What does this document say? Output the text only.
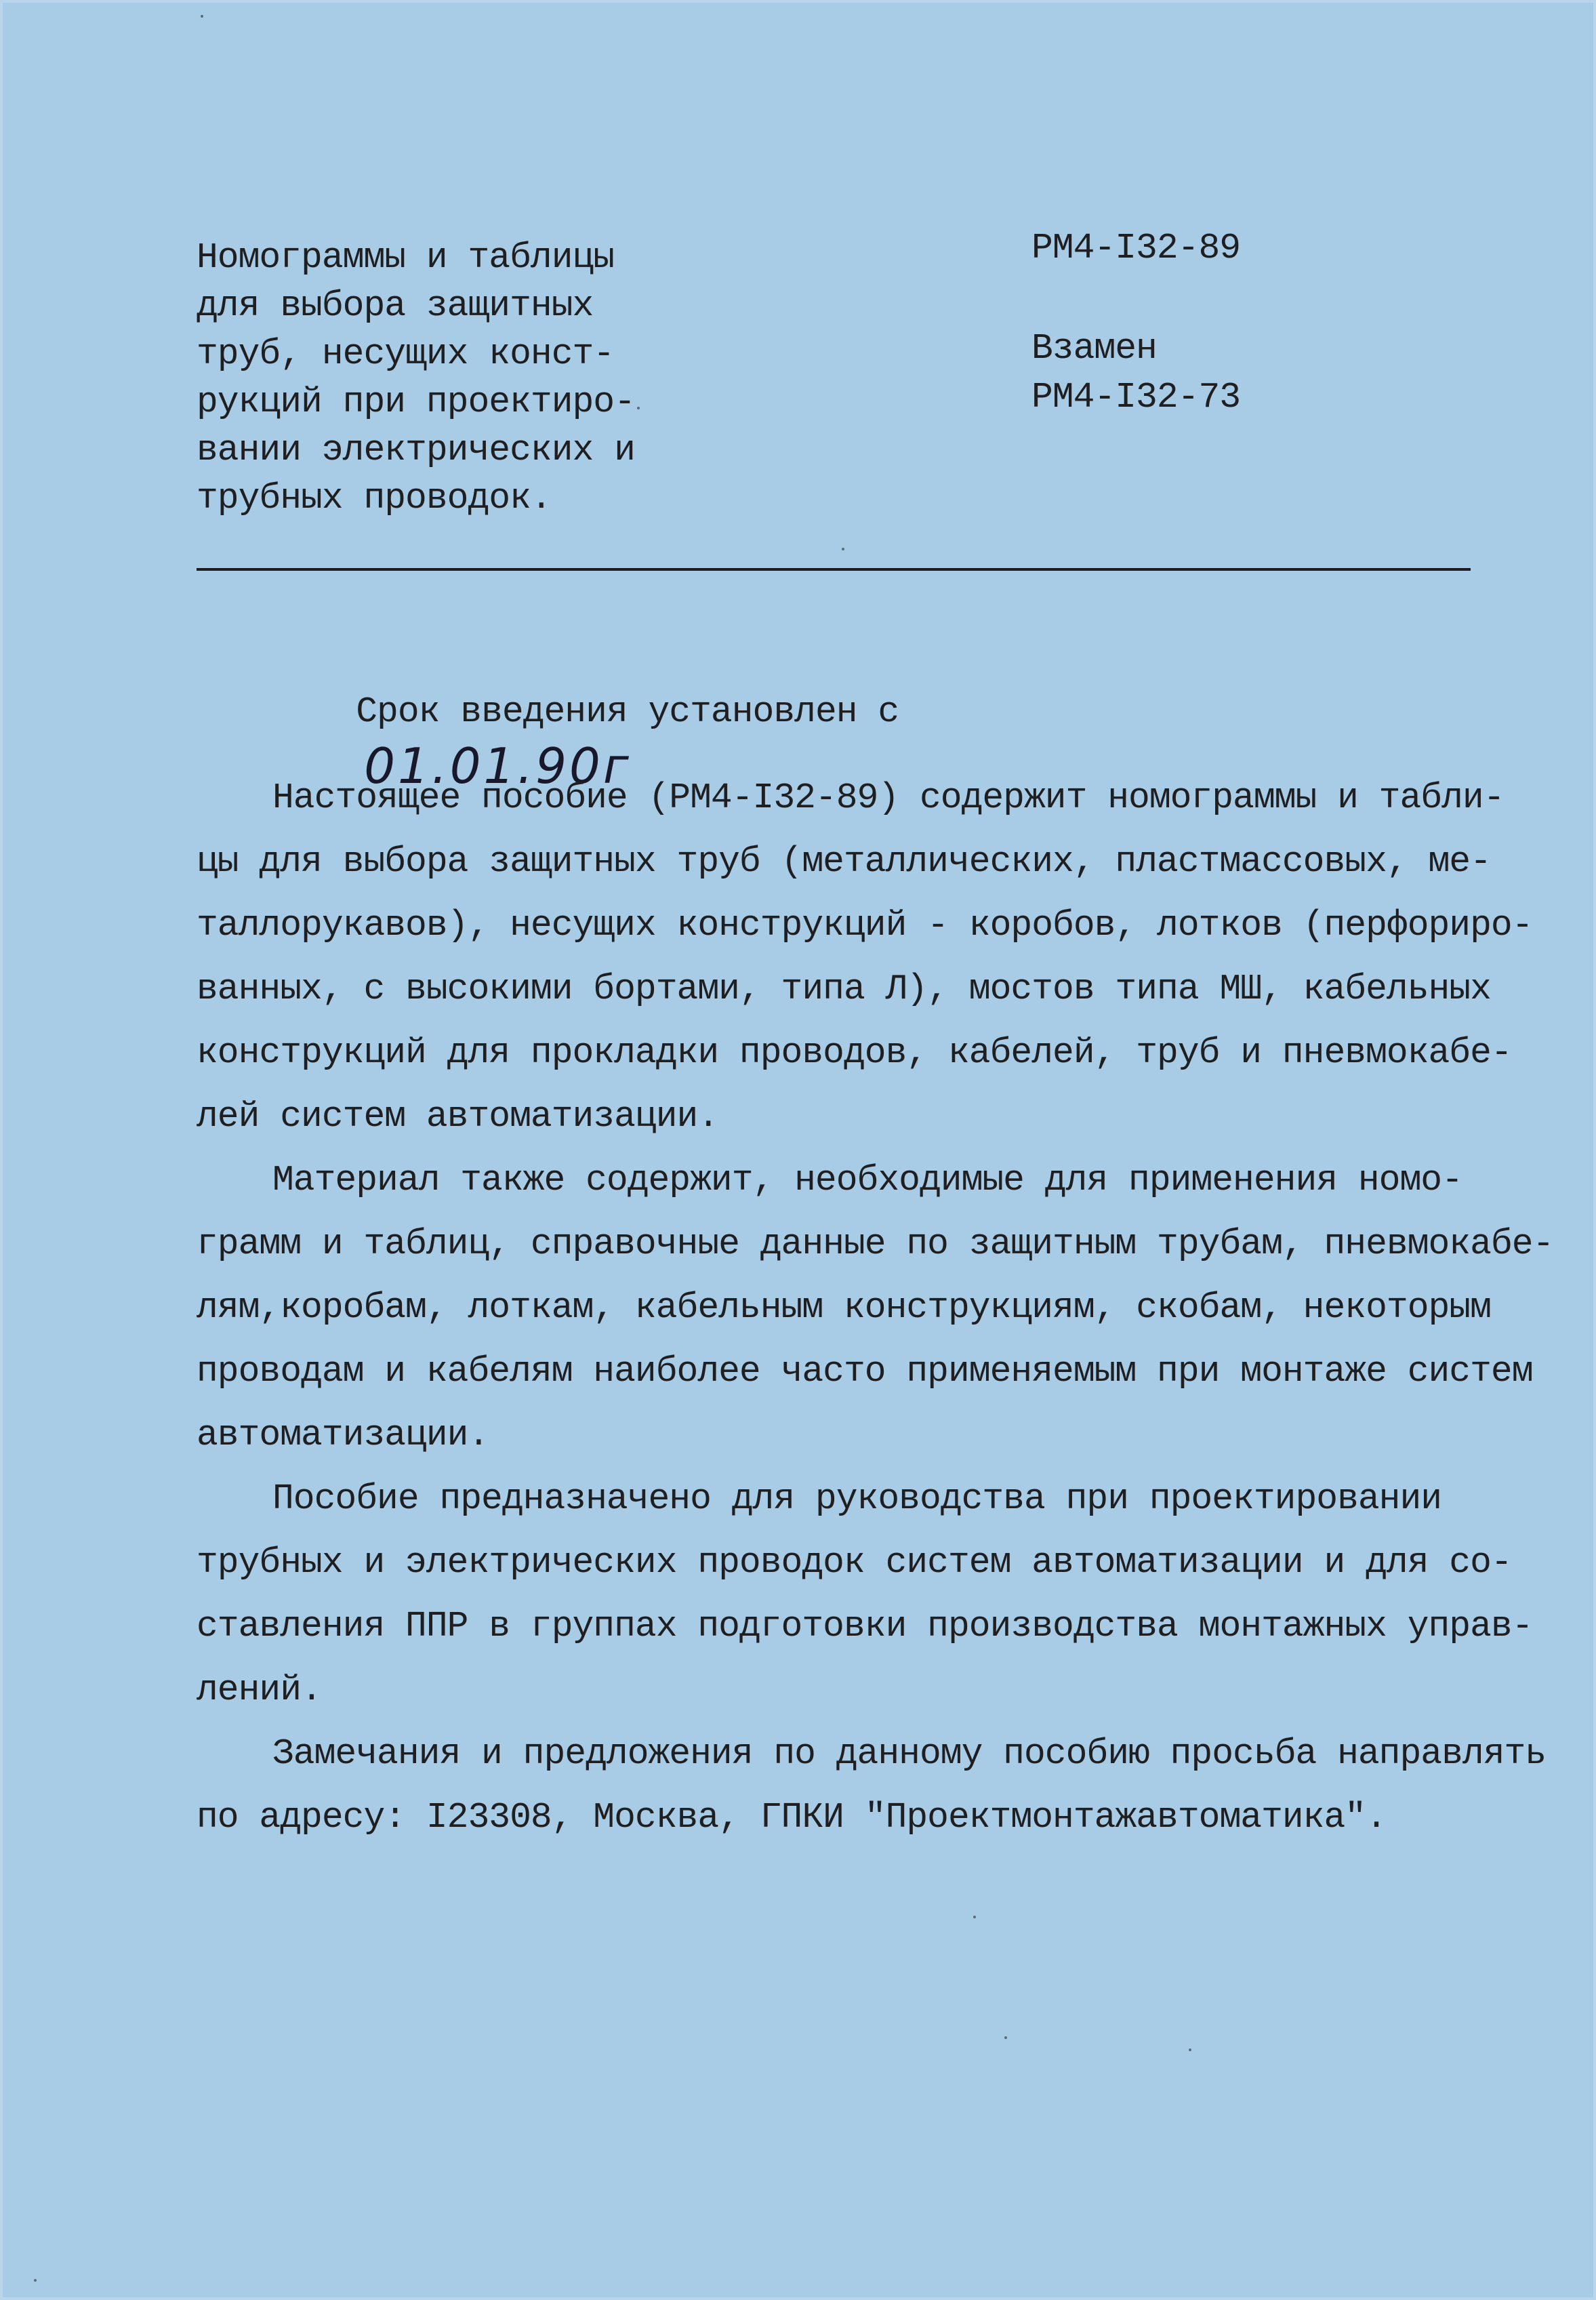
Номограммы и таблицы
для выбора защитных
труб, несущих конст-
рукций при проектиро-
вании электрических и
трубных проводок.
РМ4-I32-89
Взамен
РМ4-I32-73

Срок введения установлен с
01.01.90г

Настоящее пособие (РМ4-I32-89) содержит номограммы и табли-
цы для выбора защитных труб (металлических, пластмассовых, ме-
таллорукавов), несущих конструкций - коробов, лотков (перфориро-
ванных, с высокими бортами, типа Л), мостов типа МШ, кабельных
конструкций для прокладки проводов, кабелей, труб и пневмокабе-
лей систем автоматизации.
Материал также содержит, необходимые для применения номо-
грамм и таблиц, справочные данные по защитным трубам, пневмокабе-
лям,коробам, лоткам, кабельным конструкциям, скобам, некоторым
проводам и кабелям наиболее часто применяемым при монтаже систем
автоматизации.
Пособие предназначено для руководства при проектировании
трубных и электрических проводок систем автоматизации и для со-
ставления ППР в группах подготовки производства монтажных управ-
лений.
Замечания и предложения по данному пособию просьба направлять
по адресу: I23308, Москва, ГПКИ "Проектмонтажавтоматика".
